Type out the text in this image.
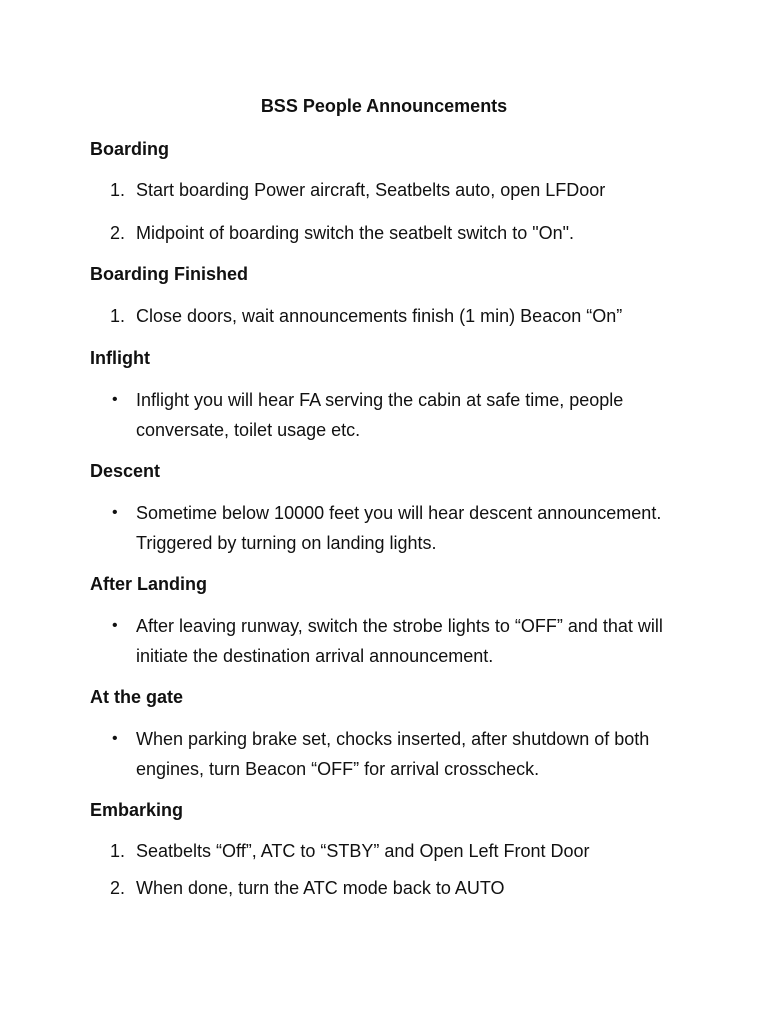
BSS People Announcements
Boarding
1. Start boarding Power aircraft, Seatbelts auto, open LFDoor
2. Midpoint of boarding switch the seatbelt switch to "On".
Boarding Finished
1. Close doors, wait announcements finish (1 min) Beacon “On”
Inflight
•	Inflight you will hear FA serving the cabin at safe time, people conversate, toilet usage etc.
Descent
•	Sometime below 10000 feet you will hear descent announcement. Triggered by turning on landing lights.
After Landing
•	After leaving runway, switch the strobe lights to “OFF” and that will initiate the destination arrival announcement.
At the gate
•	When parking brake set, chocks inserted, after shutdown of both engines, turn Beacon “OFF” for arrival crosscheck.
Embarking
1. Seatbelts “Off”, ATC to “STBY” and Open Left Front Door
2. When done, turn the ATC mode back to AUTO
